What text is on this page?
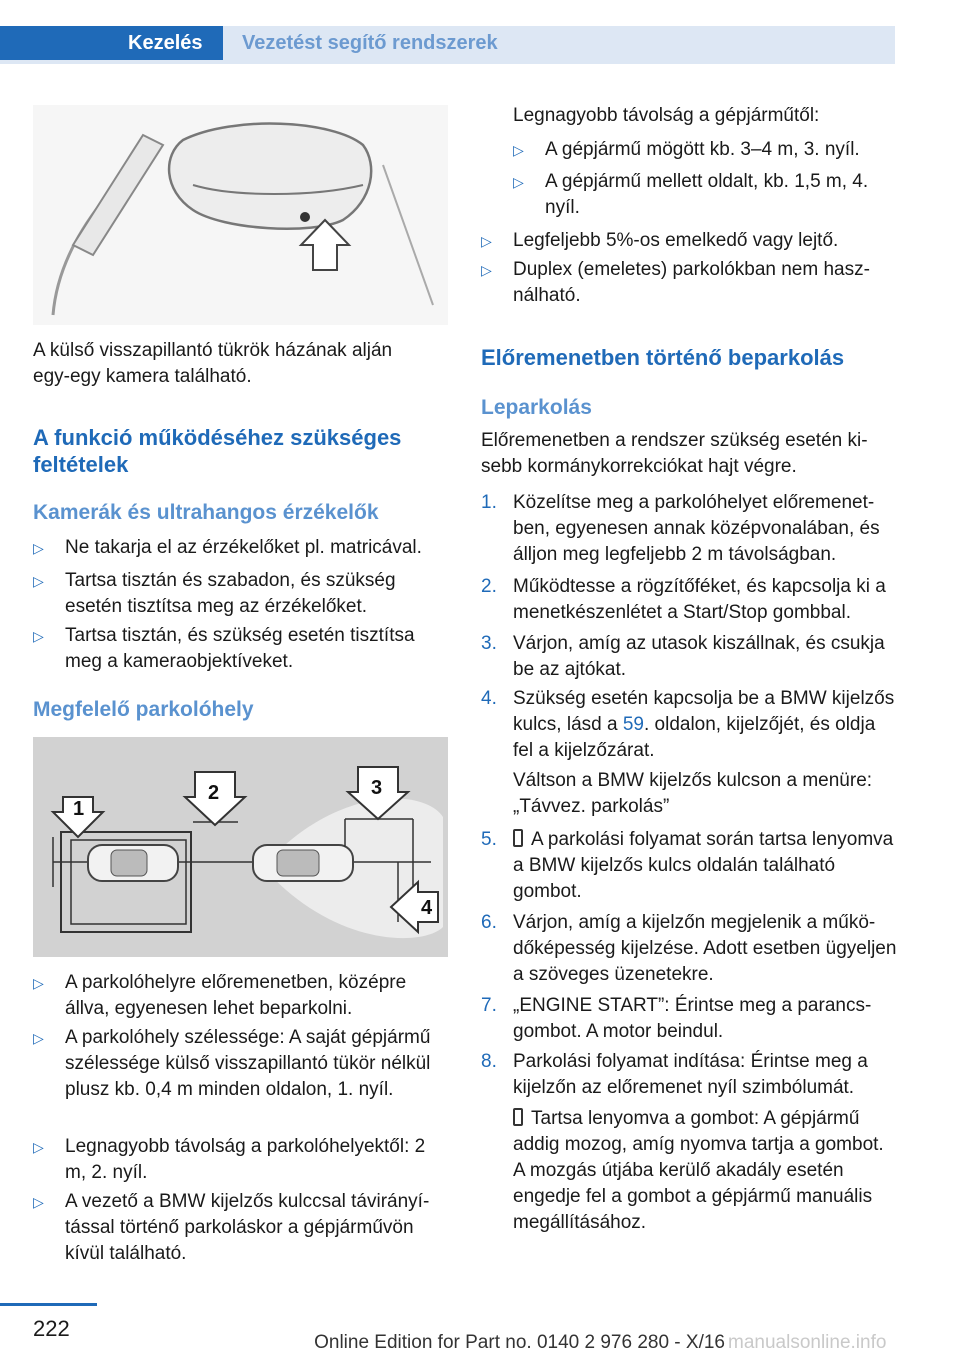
Kezelés	Vezetést segítő rendszerek
A külső visszapillantó tükrök házának alján egy-egy kamera található.
A funkció működéséhez szükséges feltételek
Kamerák és ultrahangos érzékelők
▷ Ne takarja el az érzékelőket pl. matricával.
▷ Tartsa tisztán és szabadon, és szükség esetén tisztítsa meg az érzékelőket.
▷ Tartsa tisztán, és szükség esetén tisztítsa meg a kameraobjektíveket.
Megfelelő parkolóhely
1
2	3
4
▷ A parkolóhelyre előremenetben, középre állva, egyenesen lehet beparkolni.
▷ A parkolóhely szélessége: A saját gépjármű szélessége külső visszapillantó tükör nélkül plusz kb. 0,4 m minden oldalon, 1. nyíl.
▷ Legnagyobb távolság a parkolóhelyektől: 2 m, 2. nyíl.
▷ A vezető a BMW kijelzős kulccsal távirányítással történő parkoláskor a gépjárművön kívül található.
Legnagyobb távolság a gépjárműtől:
▷ A gépjármű mögött kb. 3–4 m, 3. nyíl.
▷ A gépjármű mellett oldalt, kb. 1,5 m, 4. nyíl.
▷ Legfeljebb 5%-os emelkedő vagy lejtő.
▷ Duplex (emeletes) parkolókban nem használható.
Előremenetben történő beparkolás
Leparkolás
Előremenetben a rendszer szükség esetén kisebb kormánykorrekciókat hajt végre.
1. Közelítse meg a parkolóhelyet előremenetben, egyenesen annak középvonalában, és álljon meg legfeljebb 2 m távolságban.
2. Működtesse a rögzítőféket, és kapcsolja ki a menetkészenlétet a Start/Stop gombbal.
3. Várjon, amíg az utasok kiszállnak, és csukja be az ajtókat.
4. Szükség esetén kapcsolja be a BMW kijelzős kulcs, lásd a 59. oldalon, kijelzőjét, és oldja fel a kijelzőzárat.
Váltson a BMW kijelzős kulcson a menüre: „Távvez. parkolás”
5. A parkolási folyamat során tartsa lenyomva a BMW kijelzős kulcs oldalán található gombot.
6. Várjon, amíg a kijelzőn megjelenik a működőképesség kijelzése. Adott esetben ügyeljen a szöveges üzenetekre.
7. „ENGINE START”: Érintse meg a parancsgombot. A motor beindul.
8. Parkolási folyamat indítása: Érintse meg a kijelzőn az előremenet nyíl szimbólumát.
Tartsa lenyomva a gombot: A gépjármű addig mozog, amíg nyomva tartja a gombot. A mozgás útjába kerülő akadály esetén engedje fel a gombot a gépjármű manuális megállításához.
222
Online Edition for Part no. 0140 2 976 280 - X/16 manualsonline.info
